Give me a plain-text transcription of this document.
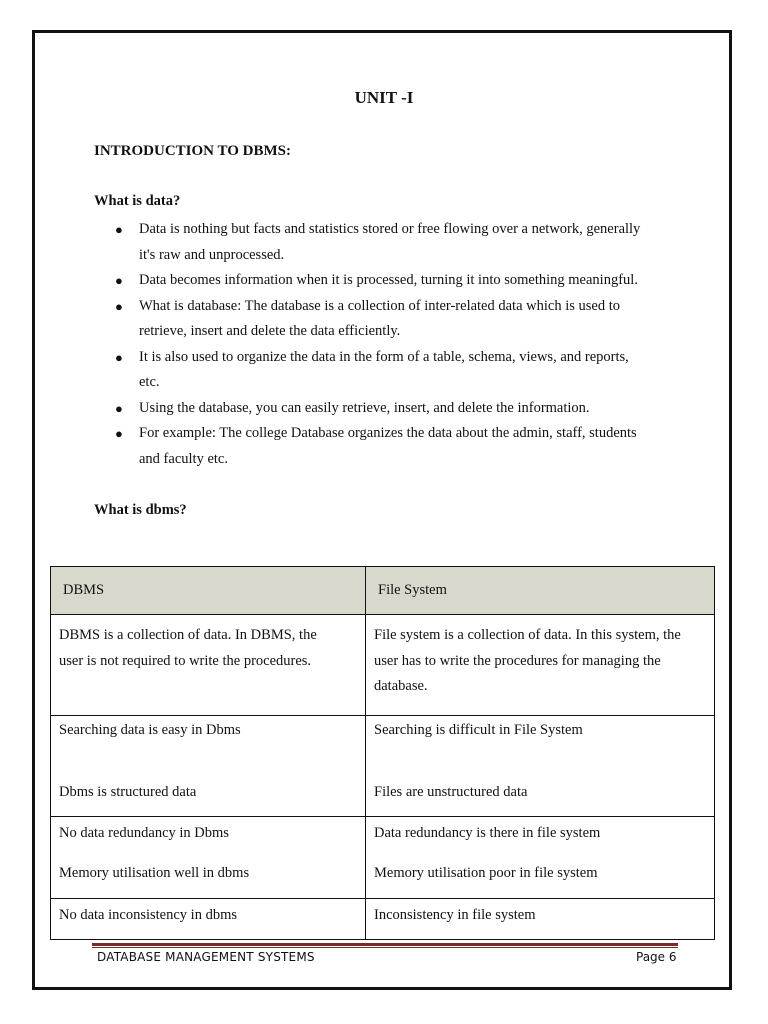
UNIT -I
INTRODUCTION TO DBMS:
What is data?
● Data is nothing but facts and statistics stored or free flowing over a network, generally
it's raw and unprocessed.
● Data becomes information when it is processed, turning it into something meaningful.
● What is database: The database is a collection of inter-related data which is used to
retrieve, insert and delete the data efficiently.
● It is also used to organize the data in the form of a table, schema, views, and reports,
etc.
● Using the database, you can easily retrieve, insert, and delete the information.
● For example: The college Database organizes the data about the admin, staff, students
and faculty etc.
What is dbms?
DBMS	File System
DBMS is a collection of data. In DBMS, the
user is not required to write the procedures.	File system is a collection of data. In this system, the
user has to write the procedures for managing the
database.
Searching data is easy in Dbms	Searching is difficult in File System
Dbms is structured data	Files are unstructured data
No data redundancy in Dbms	Data redundancy is there in file system
Memory utilisation well in dbms	Memory utilisation poor in file system
No data inconsistency in dbms	Inconsistency in file system
DATABASE MANAGEMENT SYSTEMS	Page 6
